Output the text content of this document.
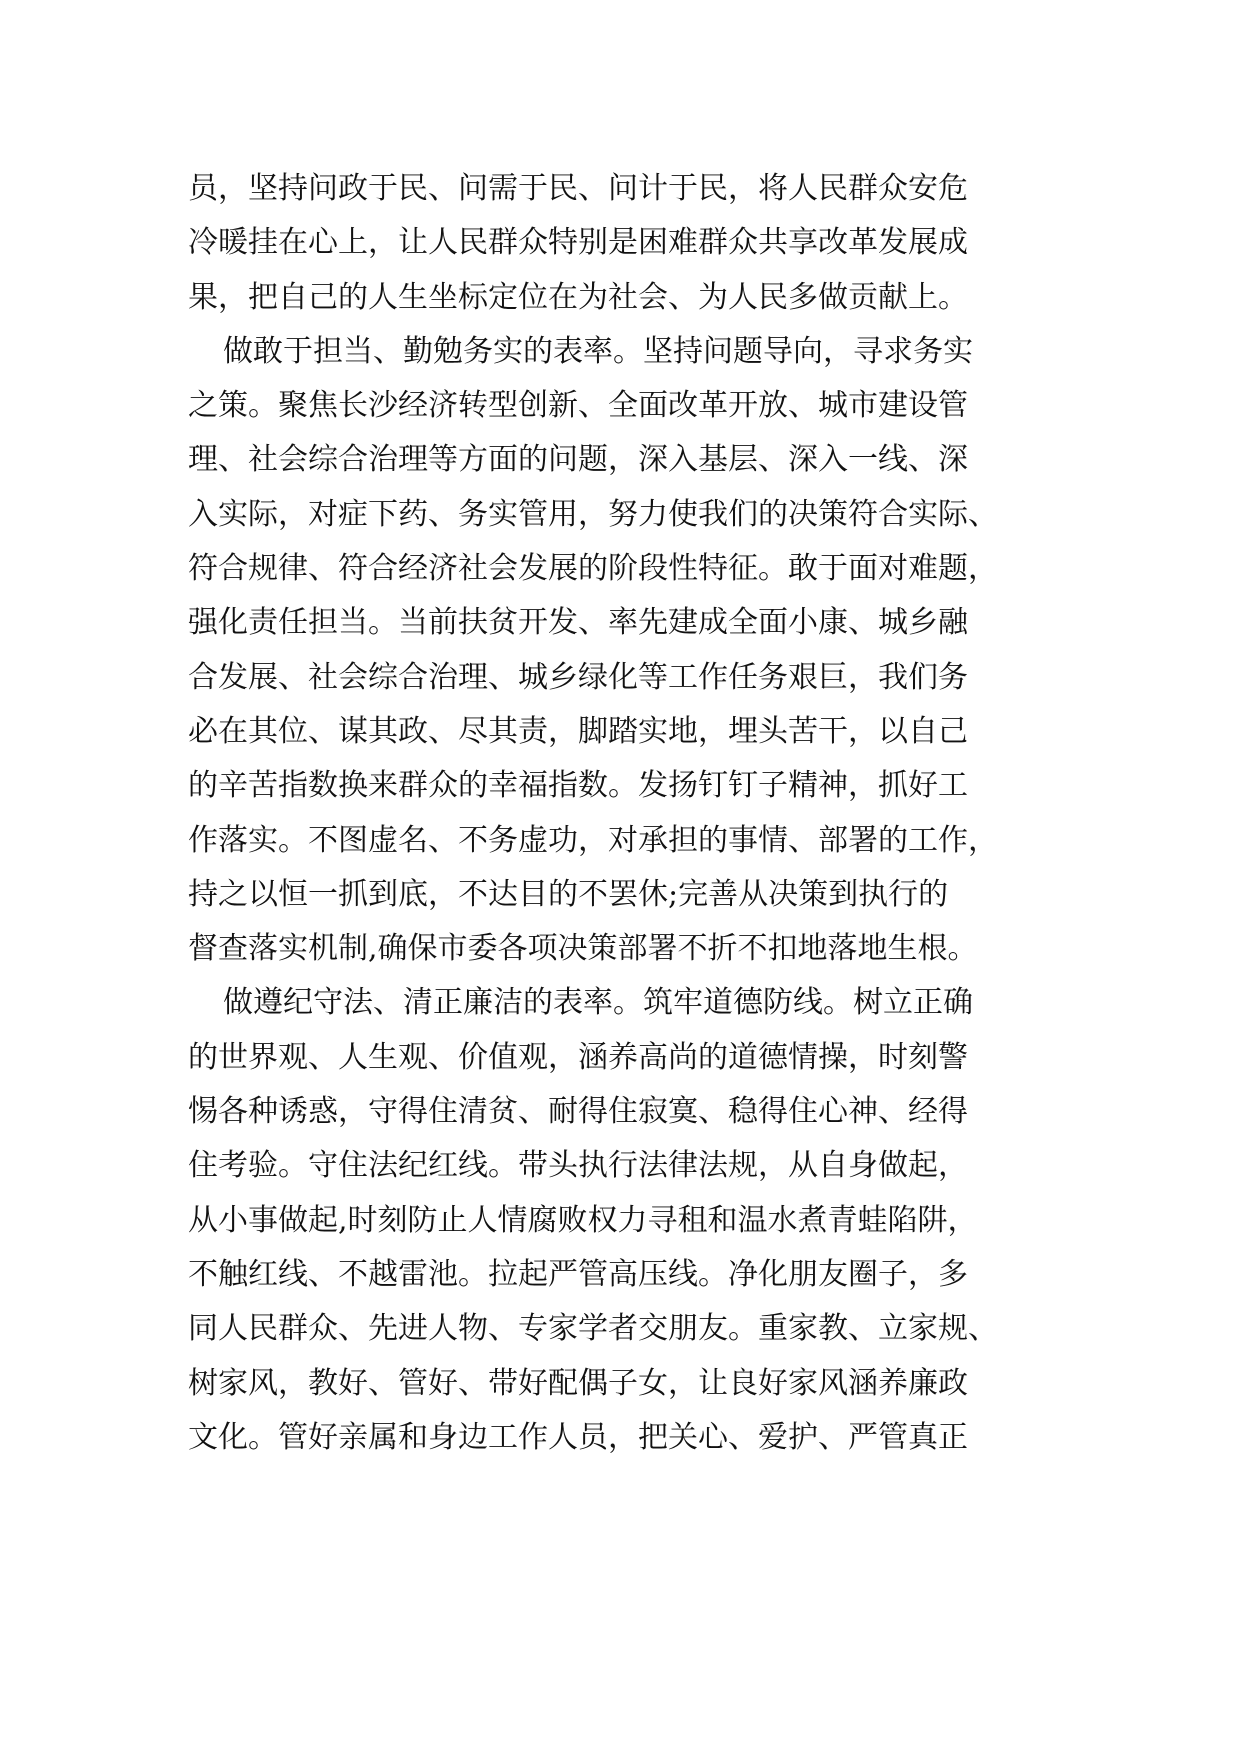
员，坚持问政于民、问需于民、问计于民，将人民群众安危
冷暖挂在心上，让人民群众特别是困难群众共享改革发展成
果，把自己的人生坐标定位在为社会、为人民多做贡献上。
做敢于担当、勤勉务实的表率。坚持问题导向，寻求务实
之策。聚焦长沙经济转型创新、全面改革开放、城市建设管
理、社会综合治理等方面的问题，深入基层、深入一线、深
入实际，对症下药、务实管用，努力使我们的决策符合实际、
符合规律、符合经济社会发展的阶段性特征。敢于面对难题，
强化责任担当。当前扶贫开发、率先建成全面小康、城乡融
合发展、社会综合治理、城乡绿化等工作任务艰巨，我们务
必在其位、谋其政、尽其责，脚踏实地，埋头苦干，以自己
的辛苦指数换来群众的幸福指数。发扬钉钉子精神，抓好工
作落实。不图虚名、不务虚功，对承担的事情、部署的工作，
持之以恒一抓到底，不达目的不罢休;完善从决策到执行的
督查落实机制,确保市委各项决策部署不折不扣地落地生根。
做遵纪守法、清正廉洁的表率。筑牢道德防线。树立正确
的世界观、人生观、价值观，涵养高尚的道德情操，时刻警
惕各种诱惑，守得住清贫、耐得住寂寞、稳得住心神、经得
住考验。守住法纪红线。带头执行法律法规，从自身做起，
从小事做起,时刻防止人情腐败权力寻租和温水煮青蛙陷阱，
不触红线、不越雷池。拉起严管高压线。净化朋友圈子，多
同人民群众、先进人物、专家学者交朋友。重家教、立家规、
树家风，教好、管好、带好配偶子女，让良好家风涵养廉政
文化。管好亲属和身边工作人员，把关心、爱护、严管真正
